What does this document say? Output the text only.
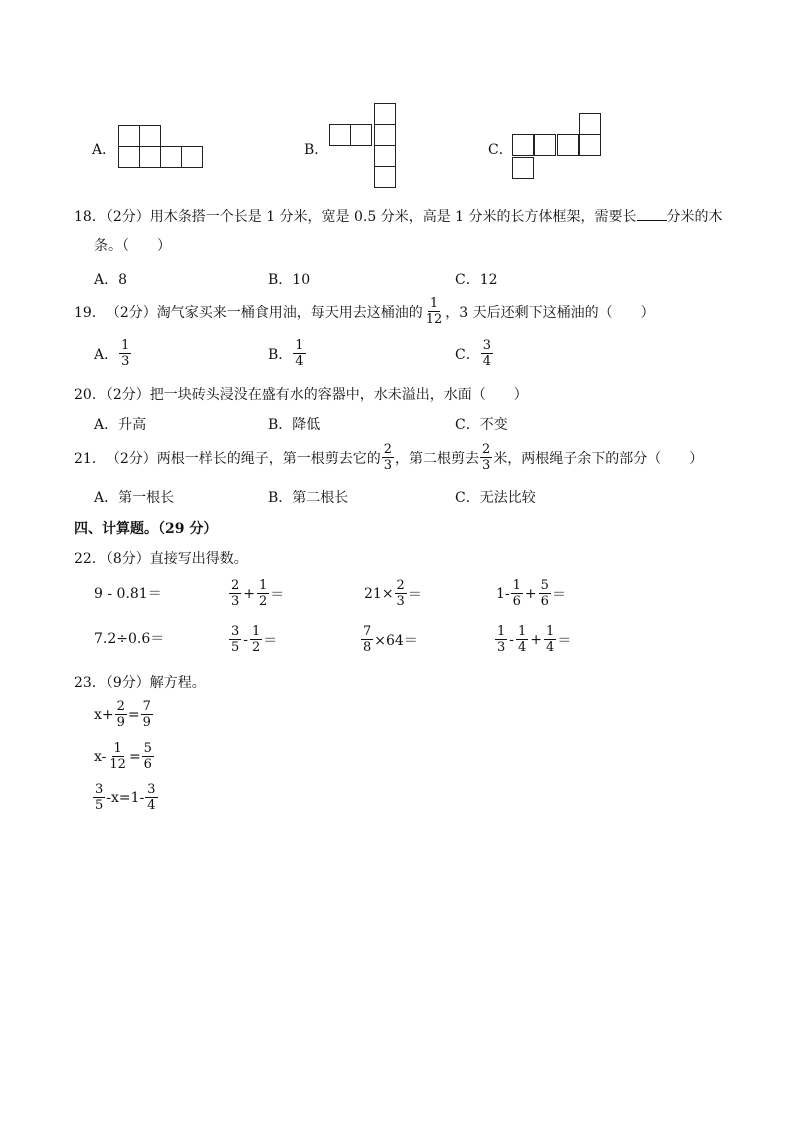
A．	B．	C．
18．（2分）用木条搭一个长是 1 分米，宽是 0.5 分米，高是 1 分米的长方体框架，需要长 分米的木
条。（　　）
A．8	B．10	C．12
19． （2分） 淘气家买来一桶食用油，每天用去这桶油的 $\frac{1}{12}$ ，3 天后还剩下这桶油的（　　）
A． $\frac{1}{3}$	B． $\frac{1}{4}$	C． $\frac{3}{4}$
20．（2分）把一块砖头浸没在盛有水的容器中，水未溢出，水面（　　）
A．升高	B．降低	C．不变
21． （2分） 两根一样长的绳子，第一根剪去它的 $\frac{2}{3}$ ，第二根剪去 $\frac{2}{3}$ 米，两根绳子余下的部分（　　）
A．第一根长	B．第二根长	C．无法比较
四、计算题。（29 分）
22．（8分）直接写出得数。
9 - 0.81＝	$\frac{2}{3} + \frac{1}{2}$ ＝	$21\times \frac{2}{3}$ ＝	$1- \frac{1}{6} + \frac{5}{6}$ ＝
7.2÷0.6＝	$\frac{3}{5} - \frac{1}{2}$ ＝	$\frac{7}{8} \times 64=$	$\frac{1}{3} - \frac{1}{4} + \frac{1}{4}$ ＝
23．（9分）解方程。
$x+ \frac{2}{9} = \frac{7}{9}$
$x- \frac{1}{12} = \frac{5}{6}$
$\frac{3}{5} -x=1- \frac{3}{4}$
